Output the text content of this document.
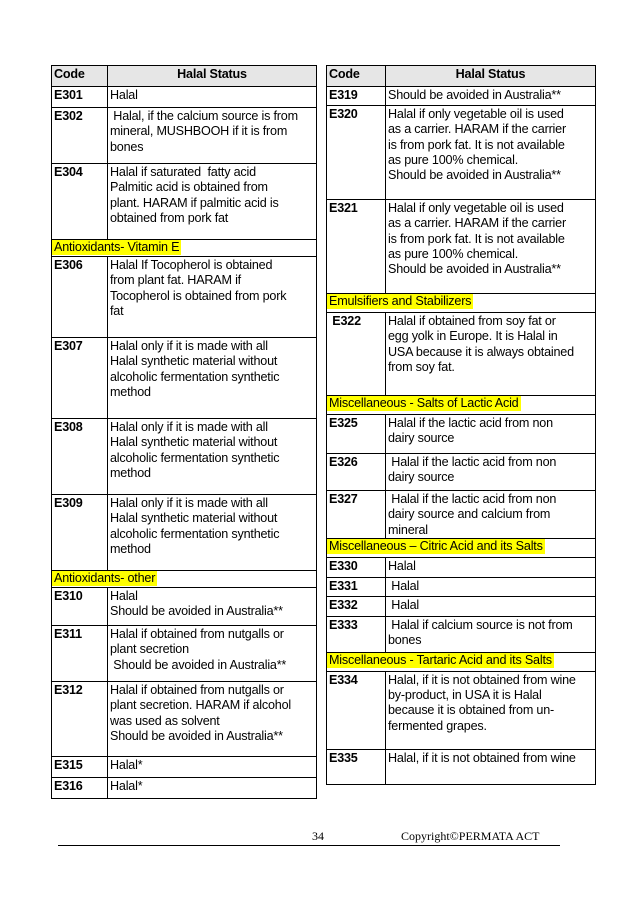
Code	Halal Status
E301	Halal

E302	Halal, if the calcium source is from
mineral, MUSHBOOH if it is from
bones

E304	Halal if saturated  fatty acid
Palmitic acid is obtained from
plant. HARAM if palmitic acid is
obtained from pork fat

Antioxidants- Vitamin E	
E306	Halal If Tocopherol is obtained
from plant fat. HARAM if
Tocopherol is obtained from pork
fat

E307	Halal only if it is made with all
Halal synthetic material without
alcoholic fermentation synthetic
method

E308	Halal only if it is made with all
Halal synthetic material without
alcoholic fermentation synthetic
method

E309	Halal only if it is made with all
Halal synthetic material without
alcoholic fermentation synthetic
method

Antioxidants- other	
E310	Halal
Should be avoided in Australia**

E311	Halal if obtained from nutgalls or
plant secretion
Should be avoided in Australia**

E312	Halal if obtained from nutgalls or
plant secretion. HARAM if alcohol
was used as solvent
Should be avoided in Australia**

E315	Halal*

E316	Halal*
Code	Halal Status
E319	Should be avoided in Australia**

E320	Halal if only vegetable oil is used
as a carrier. HARAM if the carrier
is from pork fat. It is not available
as pure 100% chemical.
Should be avoided in Australia**

E321	Halal if only vegetable oil is used
as a carrier. HARAM if the carrier
is from pork fat. It is not available
as pure 100% chemical.
Should be avoided in Australia**

Emulsifiers and Stabilizers	
E322	Halal if obtained from soy fat or
egg yolk in Europe. It is Halal in
USA because it is always obtained
from soy fat.

Miscellaneous - Salts of Lactic Acid	
E325	Halal if the lactic acid from non
dairy source

E326	Halal if the lactic acid from non
dairy source

E327	Halal if the lactic acid from non
dairy source and calcium from
mineral

Miscellaneous – Citric Acid and its Salts	
E330	Halal

E331	Halal

E332	Halal

E333	Halal if calcium source is not from
bones

Miscellaneous - Tartaric Acid and its Salts	
E334	Halal, if it is not obtained from wine
by-product, in USA it is Halal
because it is obtained from un-
fermented grapes.

E335	Halal, if it is not obtained from wine
34	Copyright©PERMATA ACT
